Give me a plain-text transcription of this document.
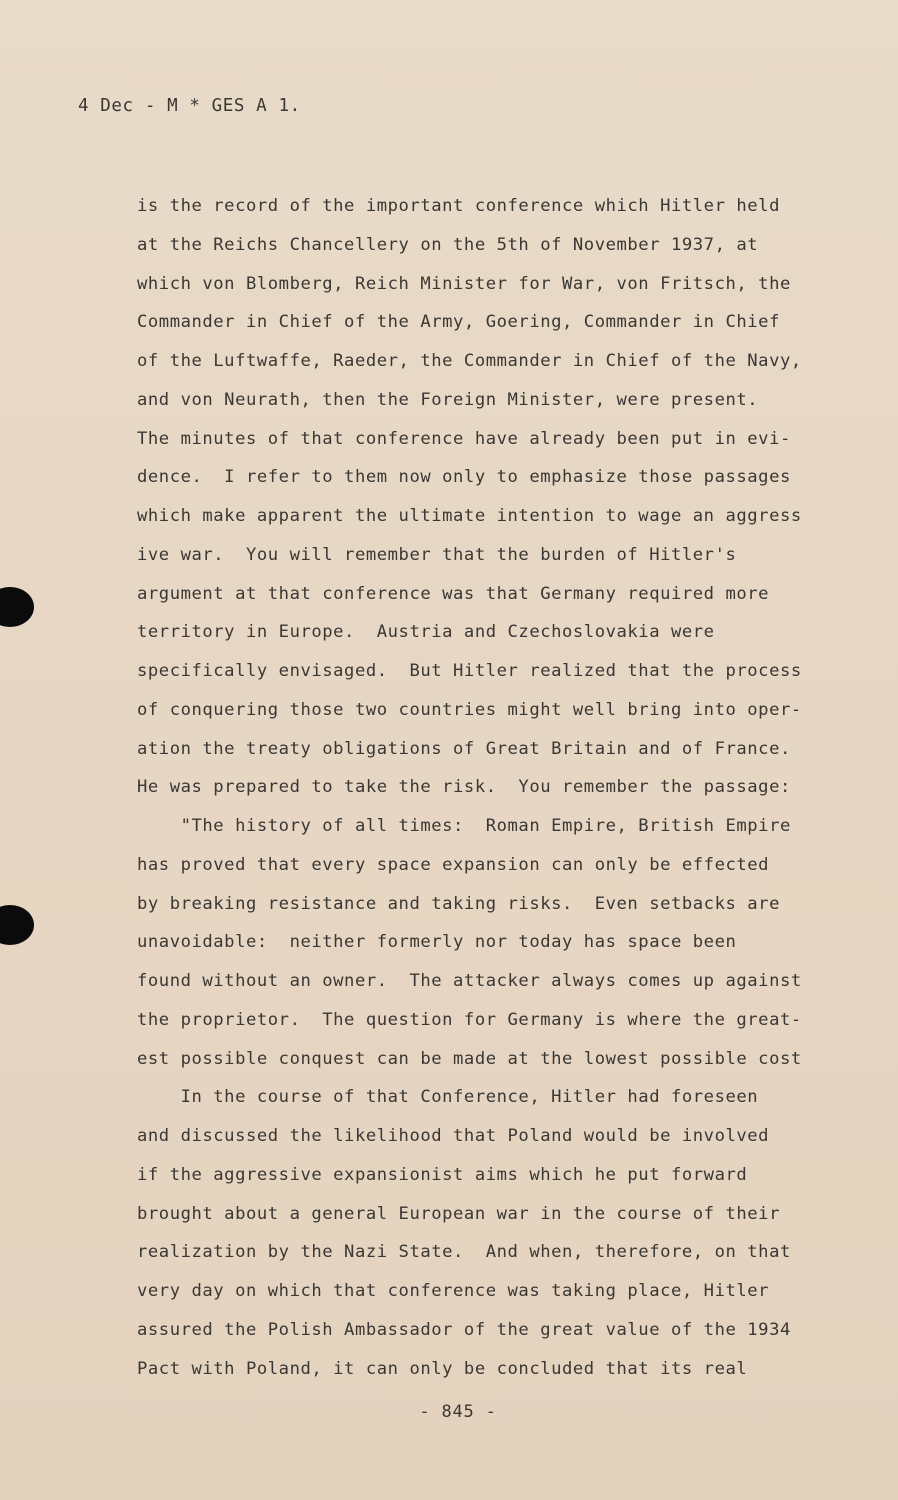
4 Dec - M * GES A 1.
is the record of the important conference which Hitler held
at the Reichs Chancellery on the 5th of November 1937, at
which von Blomberg, Reich Minister for War, von Fritsch, the
Commander in Chief of the Army, Goering, Commander in Chief
of the Luftwaffe, Raeder, the Commander in Chief of the Navy,
and von Neurath, then the Foreign Minister, were present.
The minutes of that conference have already been put in evi-
dence.  I refer to them now only to emphasize those passages
which make apparent the ultimate intention to wage an aggress
ive war.  You will remember that the burden of Hitler's
argument at that conference was that Germany required more
territory in Europe.  Austria and Czechoslovakia were
specifically envisaged.  But Hitler realized that the process
of conquering those two countries might well bring into oper-
ation the treaty obligations of Great Britain and of France.
He was prepared to take the risk.  You remember the passage:
"The history of all times:  Roman Empire, British Empire
has proved that every space expansion can only be effected
by breaking resistance and taking risks.  Even setbacks are
unavoidable:  neither formerly nor today has space been
found without an owner.  The attacker always comes up against
the proprietor.  The question for Germany is where the great-
est possible conquest can be made at the lowest possible cost
In the course of that Conference, Hitler had foreseen
and discussed the likelihood that Poland would be involved
if the aggressive expansionist aims which he put forward
brought about a general European war in the course of their
realization by the Nazi State.  And when, therefore, on that
very day on which that conference was taking place, Hitler
assured the Polish Ambassador of the great value of the 1934
Pact with Poland, it can only be concluded that its real
- 845 -
